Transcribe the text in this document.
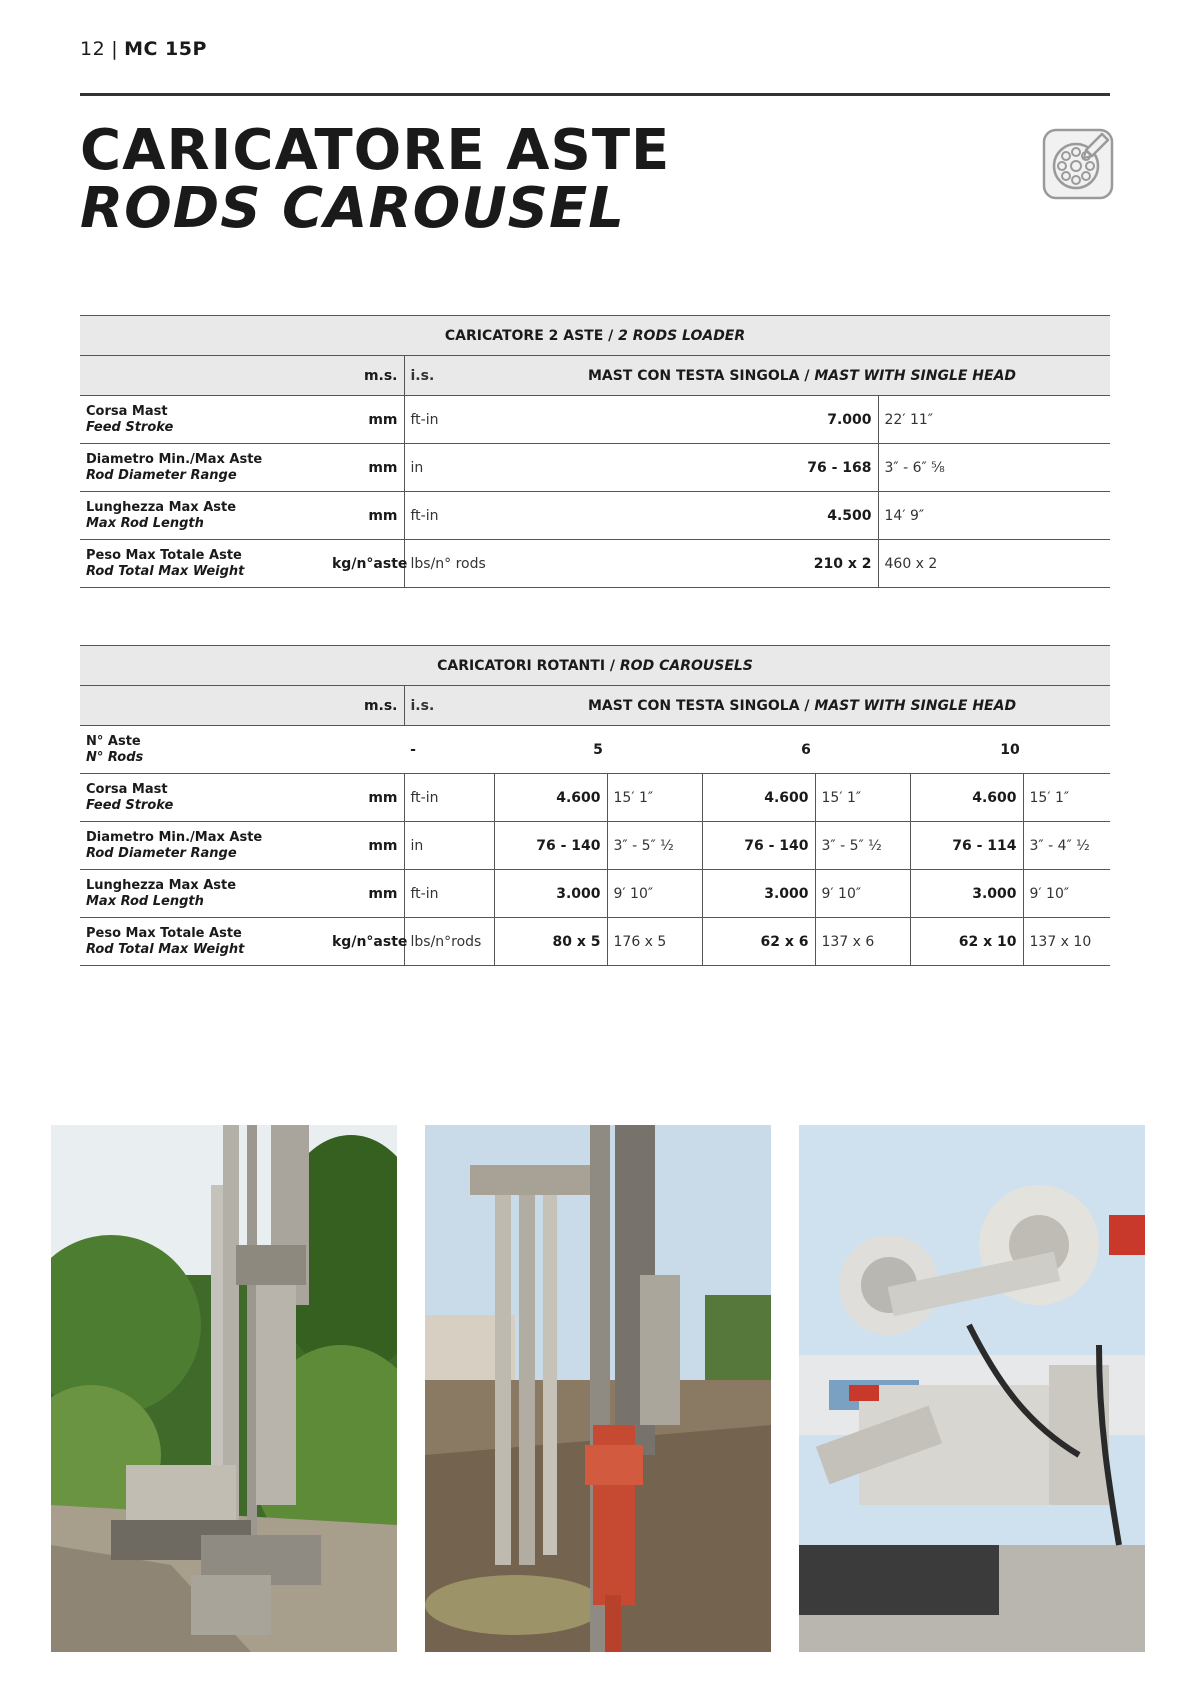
12 | MC 15P
CARICATORE ASTE
RODS CAROUSEL
CARICATORE 2 ASTE / 2 RODS LOADER				
	m.s.	i.s.	MAST CON TESTA SINGOLA / MAST WITH SINGLE HEAD	

Corsa Mast
Feed Stroke	mm	ft-in	7.000	22′ 11″

Diametro Min./Max Aste
Rod Diameter Range	mm	in	76 - 168	3″ - 6″ ⁵⁄₈

Lunghezza Max Aste
Max Rod Length	mm	ft-in	4.500	14′ 9″

Peso Max Totale Aste
Rod Total Max Weight	kg/n°aste	lbs/n° rods	210 x 2	460 x 2
CARICATORI ROTANTI / ROD CAROUSELS								
	m.s.	i.s.	MAST CON TESTA SINGOLA / MAST WITH SINGLE HEAD					

N° Aste
N° Rods	-		5		6		10	

Corsa Mast
Feed Stroke	mm	ft-in	4.600	15′ 1″	4.600	15′ 1″	4.600	15′ 1″

Diametro Min./Max Aste
Rod Diameter Range	mm	in	76 - 140	3″ - 5″ ¹⁄₂	76 - 140	3″ - 5″ ¹⁄₂	76 - 114	3″ - 4″ ¹⁄₂

Lunghezza Max Aste
Max Rod Length	mm	ft-in	3.000	9′ 10″	3.000	9′ 10″	3.000	9′ 10″

Peso Max Totale Aste
Rod Total Max Weight	kg/n°aste	lbs/n°rods	80 x 5	176 x 5	62 x 6	137 x 6	62 x 10	137 x 10
